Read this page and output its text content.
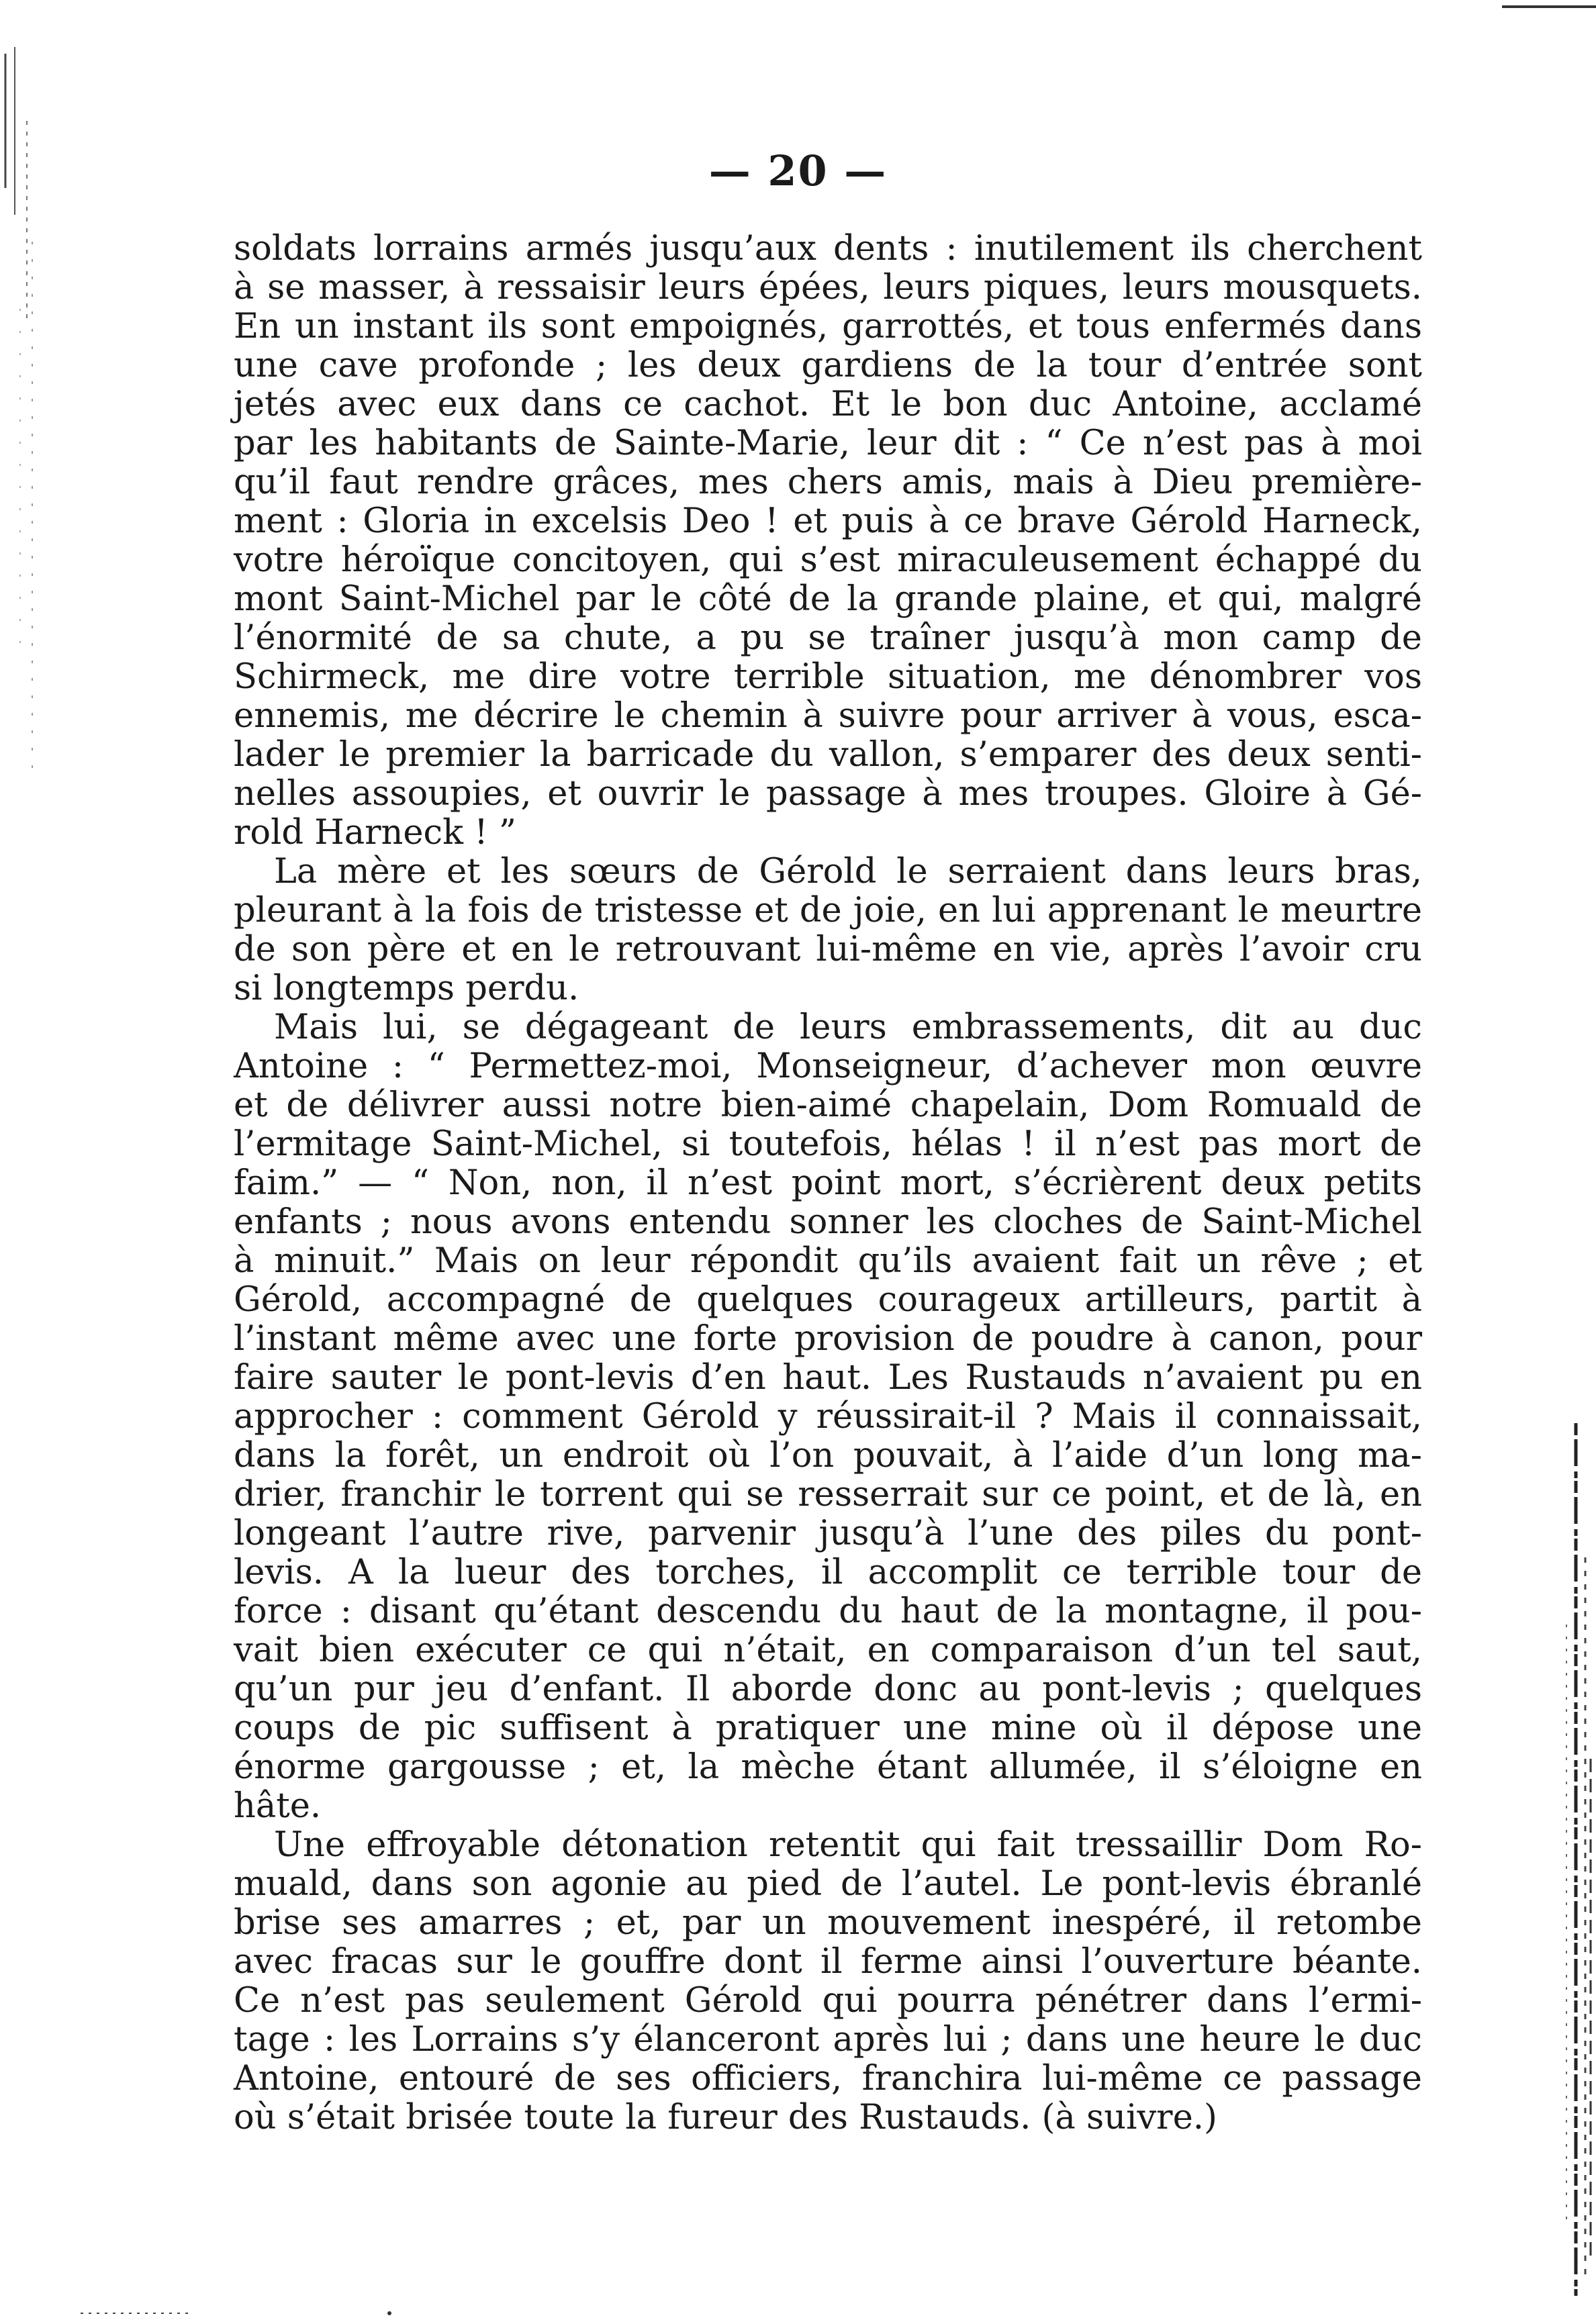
— 20 —
soldats lorrains armés jusqu’aux dents : inutilement ils cherchent
à se masser, à ressaisir leurs épées, leurs piques, leurs mousquets.
En un instant ils sont empoignés, garrottés, et tous enfermés dans
une cave profonde ; les deux gardiens de la tour d’entrée sont
jetés avec eux dans ce cachot. Et le bon duc Antoine, acclamé
par les habitants de Sainte-Marie, leur dit : “ Ce n’est pas à moi
qu’il faut rendre grâces, mes chers amis, mais à Dieu première-
ment : Gloria in excelsis Deo ! et puis à ce brave Gérold Harneck,
votre héroïque concitoyen, qui s’est miraculeusement échappé du
mont Saint-Michel par le côté de la grande plaine, et qui, malgré
l’énormité de sa chute, a pu se traîner jusqu’à mon camp de
Schirmeck, me dire votre terrible situation, me dénombrer vos
ennemis, me décrire le chemin à suivre pour arriver à vous, esca-
lader le premier la barricade du vallon, s’emparer des deux senti-
nelles assoupies, et ouvrir le passage à mes troupes. Gloire à Gé-
rold Harneck ! ”
La mère et les sœurs de Gérold le serraient dans leurs bras,
pleurant à la fois de tristesse et de joie, en lui apprenant le meurtre
de son père et en le retrouvant lui-même en vie, après l’avoir cru
si longtemps perdu.
Mais lui, se dégageant de leurs embrassements, dit au duc
Antoine : “ Permettez-moi, Monseigneur, d’achever mon œuvre
et de délivrer aussi notre bien-aimé chapelain, Dom Romuald de
l’ermitage Saint-Michel, si toutefois, hélas ! il n’est pas mort de
faim.” — “ Non, non, il n’est point mort, s’écrièrent deux petits
enfants ; nous avons entendu sonner les cloches de Saint-Michel
à minuit.” Mais on leur répondit qu’ils avaient fait un rêve ; et
Gérold, accompagné de quelques courageux artilleurs, partit à
l’instant même avec une forte provision de poudre à canon, pour
faire sauter le pont-levis d’en haut. Les Rustauds n’avaient pu en
approcher : comment Gérold y réussirait-il ? Mais il connaissait,
dans la forêt, un endroit où l’on pouvait, à l’aide d’un long ma-
drier, franchir le torrent qui se resserrait sur ce point, et de là, en
longeant l’autre rive, parvenir jusqu’à l’une des piles du pont-
levis. A la lueur des torches, il accomplit ce terrible tour de
force : disant qu’étant descendu du haut de la montagne, il pou-
vait bien exécuter ce qui n’était, en comparaison d’un tel saut,
qu’un pur jeu d’enfant. Il aborde donc au pont-levis ; quelques
coups de pic suffisent à pratiquer une mine où il dépose une
énorme gargousse ; et, la mèche étant allumée, il s’éloigne en
hâte.
Une effroyable détonation retentit qui fait tressaillir Dom Ro-
muald, dans son agonie au pied de l’autel. Le pont-levis ébranlé
brise ses amarres ; et, par un mouvement inespéré, il retombe
avec fracas sur le gouffre dont il ferme ainsi l’ouverture béante.
Ce n’est pas seulement Gérold qui pourra pénétrer dans l’ermi-
tage : les Lorrains s’y élanceront après lui ; dans une heure le duc
Antoine, entouré de ses officiers, franchira lui-même ce passage
où s’était brisée toute la fureur des Rustauds. (à suivre.)
